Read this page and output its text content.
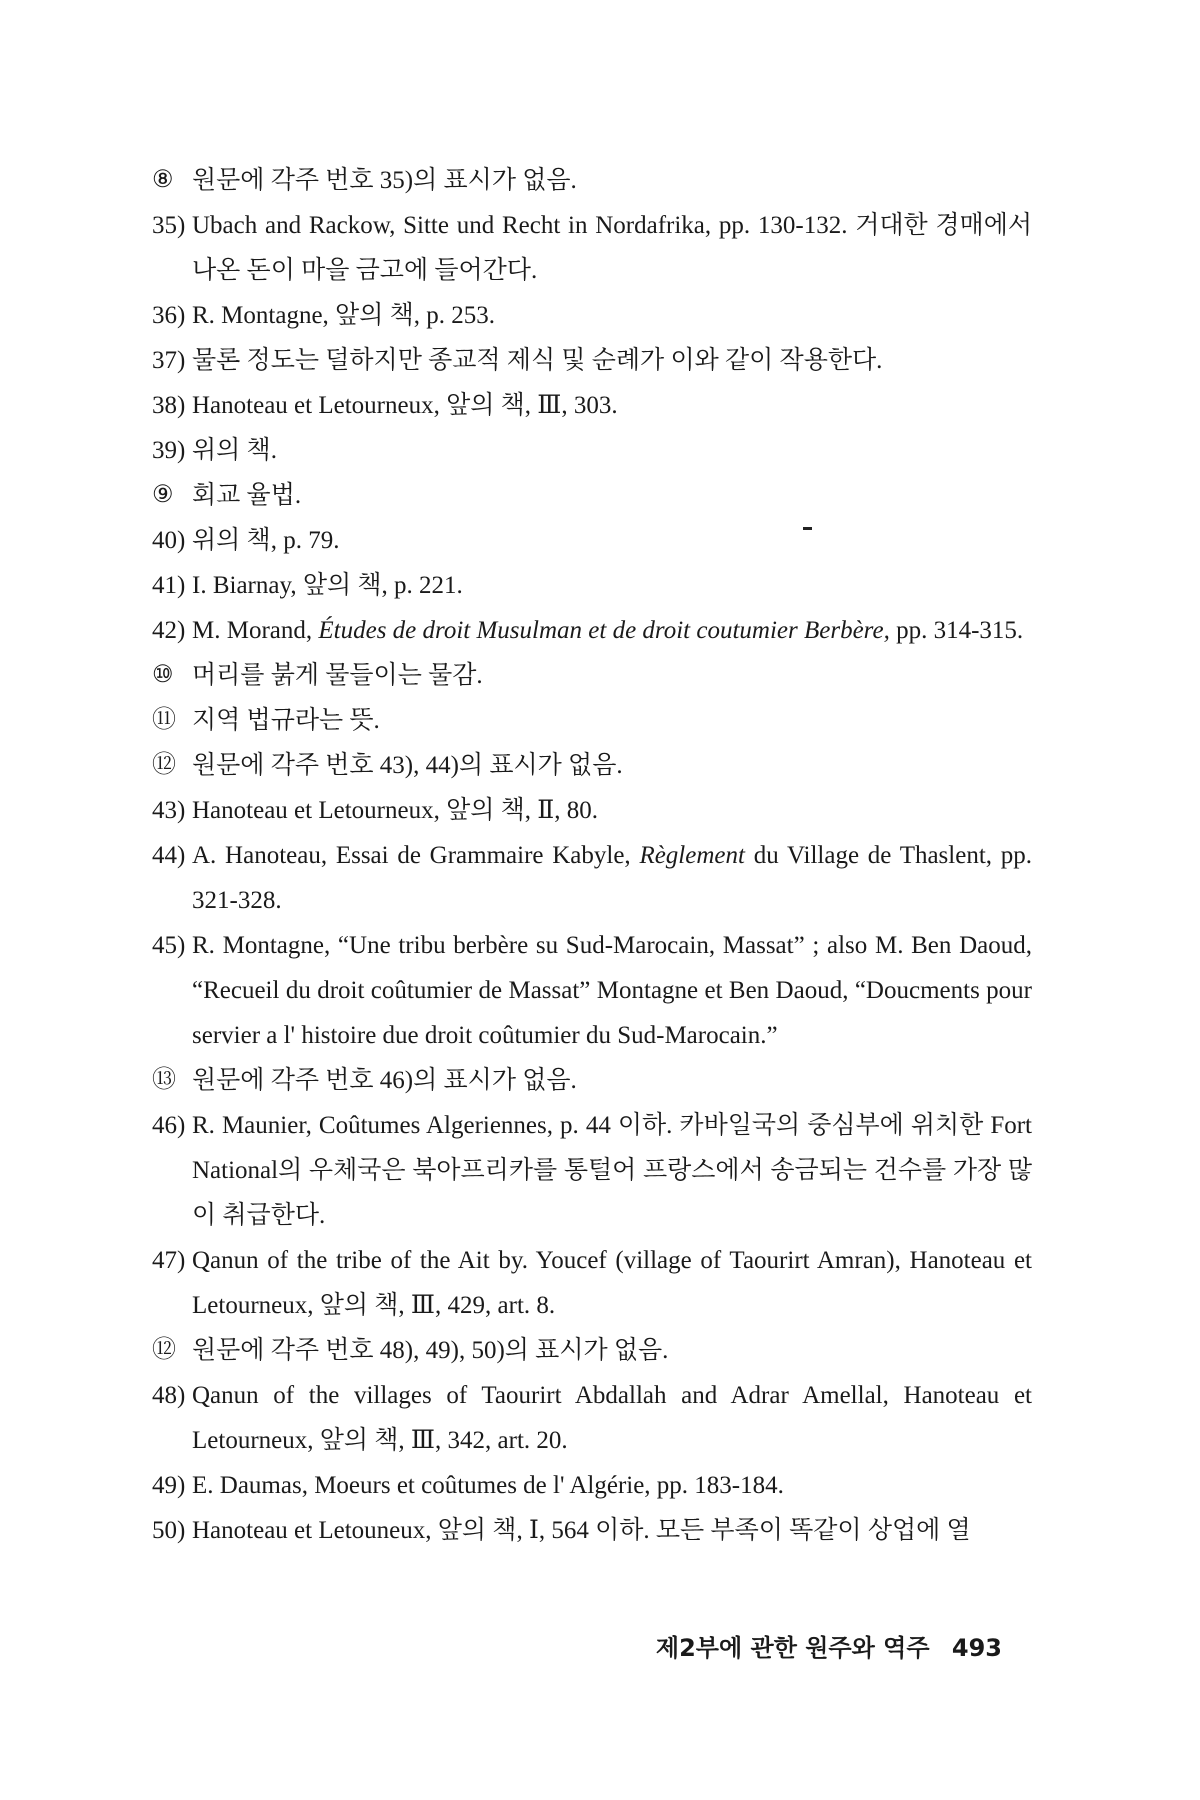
⑧ 원문에 각주 번호 35)의 표시가 없음.
35) Ubach and Rackow, Sitte und Recht in Nordafrika, pp. 130-132. 거대한 경매에서 나온 돈이 마을 금고에 들어간다.
36) R. Montagne, 앞의 책, p. 253.
37) 물론 정도는 덜하지만 종교적 제식 및 순례가 이와 같이 작용한다.
38) Hanoteau et Letourneux, 앞의 책, Ⅲ, 303.
39) 위의 책.
⑨ 회교 율법.
40) 위의 책, p. 79.
41) I. Biarnay, 앞의 책, p. 221.
42) M. Morand, Études de droit Musulman et de droit coutumier Berbère, pp. 314-315.
⑩ 머리를 붉게 물들이는 물감.
⑪ 지역 법규라는 뜻.
⑫ 원문에 각주 번호 43), 44)의 표시가 없음.
43) Hanoteau et Letourneux, 앞의 책, Ⅱ, 80.
44) A. Hanoteau, Essai de Grammaire Kabyle, Règlement du Village de Thaslent, pp. 321-328.
45) R. Montagne, “Une tribu berbère su Sud-Marocain, Massat” ; also M. Ben Daoud, “Recueil du droit coûtumier de Massat” Montagne et Ben Daoud, “Doucments pour servier a l' histoire due droit coûtumier du Sud-Marocain.”
⑬ 원문에 각주 번호 46)의 표시가 없음.
46) R. Maunier, Coûtumes Algeriennes, p. 44 이하. 카바일국의 중심부에 위치한 Fort National의 우체국은 북아프리카를 통털어 프랑스에서 송금되는 건수를 가장 많이 취급한다.
47) Qanun of the tribe of the Ait by. Youcef (village of Taourirt Amran), Hanoteau et Letourneux, 앞의 책, Ⅲ, 429, art. 8.
⑫ 원문에 각주 번호 48), 49), 50)의 표시가 없음.
48) Qanun of the villages of Taourirt Abdallah and Adrar Amellal, Hanoteau et Letourneux, 앞의 책, Ⅲ, 342, art. 20.
49) E. Daumas, Moeurs et coûtumes de l' Algérie, pp. 183-184.
50) Hanoteau et Letouneux, 앞의 책, Ⅰ, 564 이하. 모든 부족이 똑같이 상업에 열
제2부에 관한 원주와 역주 493
